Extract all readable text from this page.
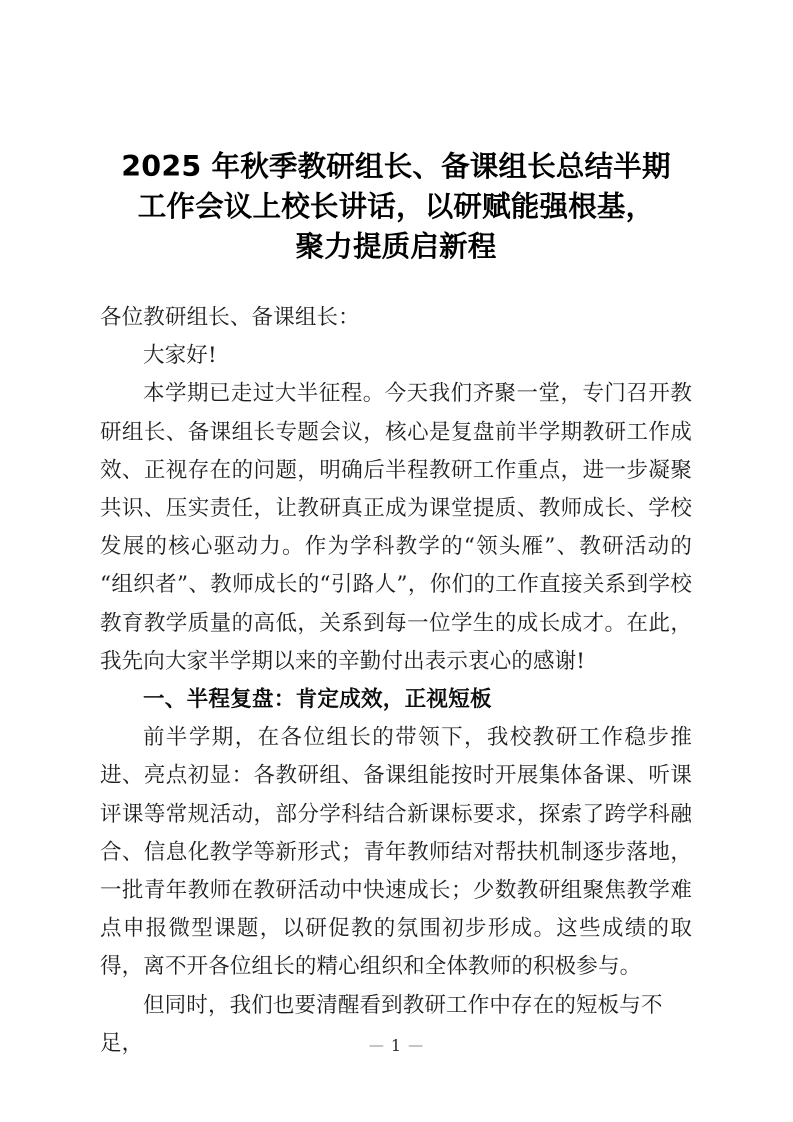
2025 年秋季教研组长、备课组长总结半期
工作会议上校长讲话，以研赋能强根基，
聚力提质启新程

各位教研组长、备课组长：

大家好!

本学期已走过大半征程。今天我们齐聚一堂，专门召开教研组长、备课组长专题会议，核心是复盘前半学期教研工作成效、正视存在的问题，明确后半程教研工作重点，进一步凝聚共识、压实责任，让教研真正成为课堂提质、教师成长、学校发展的核心驱动力。作为学科教学的“领头雁”、教研活动的“组织者”、教师成长的“引路人”，你们的工作直接关系到学校教育教学质量的高低，关系到每一位学生的成长成才。在此，我先向大家半学期以来的辛勤付出表示衷心的感谢!

一、半程复盘：肯定成效，正视短板

前半学期，在各位组长的带领下，我校教研工作稳步推进、亮点初显：各教研组、备课组能按时开展集体备课、听课评课等常规活动，部分学科结合新课标要求，探索了跨学科融合、信息化教学等新形式；青年教师结对帮扶机制逐步落地，一批青年教师在教研活动中快速成长；少数教研组聚焦教学难点申报微型课题，以研促教的氛围初步形成。这些成绩的取得，离不开各位组长的精心组织和全体教师的积极参与。

但同时，我们也要清醒看到教研工作中存在的短板与不足，	— 1 —
